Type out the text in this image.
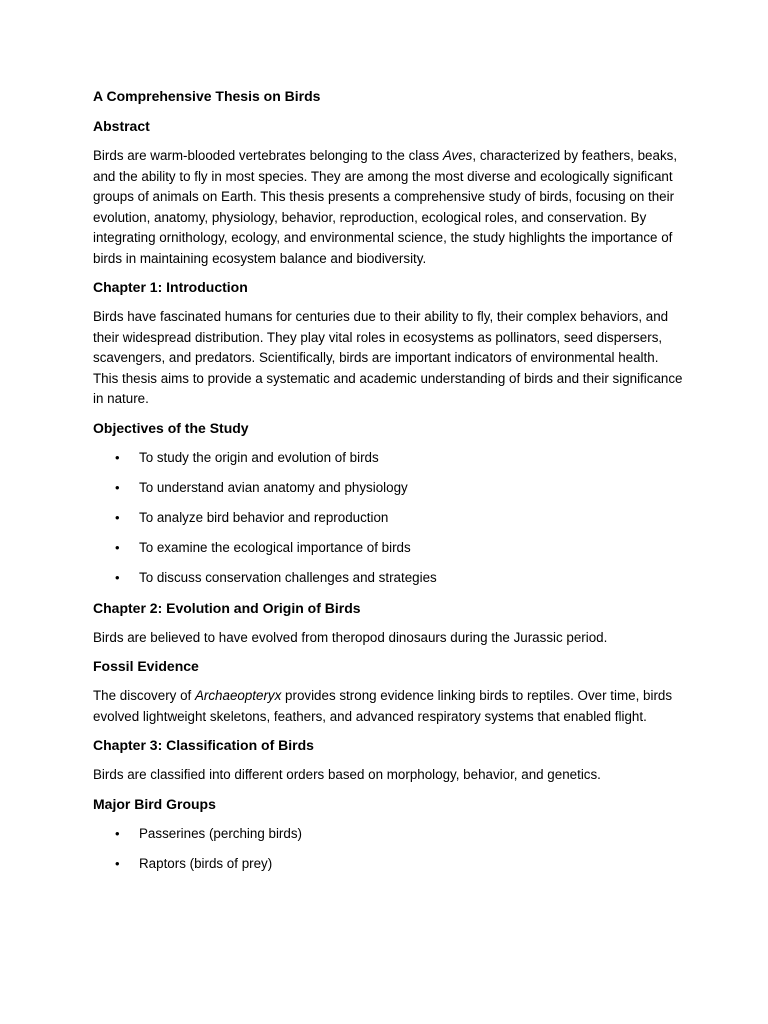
A Comprehensive Thesis on Birds
Abstract

Birds are warm-blooded vertebrates belonging to the class Aves, characterized by feathers, beaks, and the ability to fly in most species. They are among the most diverse and ecologically significant groups of animals on Earth. This thesis presents a comprehensive study of birds, focusing on their evolution, anatomy, physiology, behavior, reproduction, ecological roles, and conservation. By integrating ornithology, ecology, and environmental science, the study highlights the importance of birds in maintaining ecosystem balance and biodiversity.

Chapter 1: Introduction

Birds have fascinated humans for centuries due to their ability to fly, their complex behaviors, and their widespread distribution. They play vital roles in ecosystems as pollinators, seed dispersers, scavengers, and predators. Scientifically, birds are important indicators of environmental health. This thesis aims to provide a systematic and academic understanding of birds and their significance in nature.

Objectives of the Study
• To study the origin and evolution of birds
• To understand avian anatomy and physiology
• To analyze bird behavior and reproduction
• To examine the ecological importance of birds
• To discuss conservation challenges and strategies
Chapter 2: Evolution and Origin of Birds

Birds are believed to have evolved from theropod dinosaurs during the Jurassic period.

Fossil Evidence

The discovery of Archaeopteryx provides strong evidence linking birds to reptiles. Over time, birds evolved lightweight skeletons, feathers, and advanced respiratory systems that enabled flight.

Chapter 3: Classification of Birds

Birds are classified into different orders based on morphology, behavior, and genetics.

Major Bird Groups
• Passerines (perching birds)
• Raptors (birds of prey)
